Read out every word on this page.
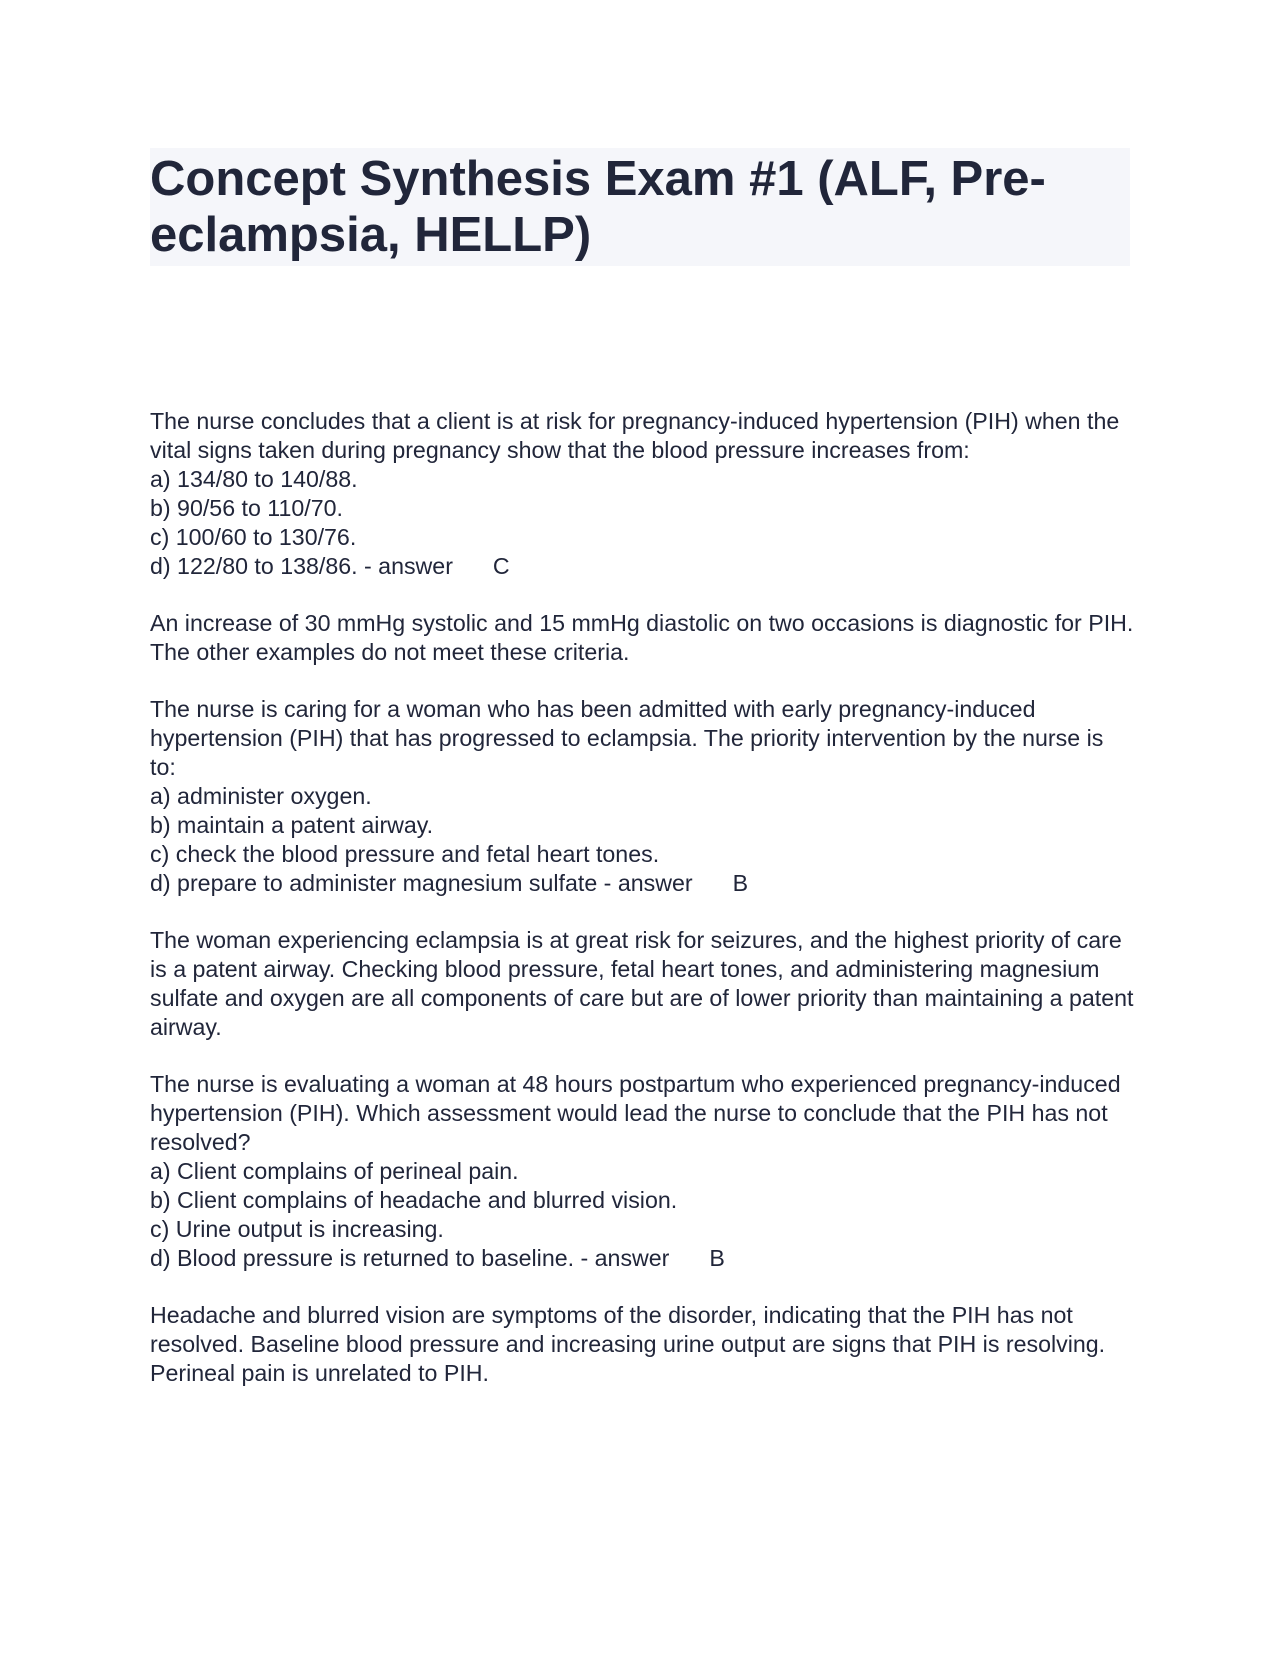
Concept Synthesis Exam #1 (ALF, Pre-eclampsia, HELLP)
The nurse concludes that a client is at risk for pregnancy-induced hypertension (PIH) when the vital signs taken during pregnancy show that the blood pressure increases from:
a) 134/80 to 140/88.
b) 90/56 to 110/70.
c) 100/60 to 130/76.
d) 122/80 to 138/86. - answer C
An increase of 30 mmHg systolic and 15 mmHg diastolic on two occasions is diagnostic for PIH. The other examples do not meet these criteria.
The nurse is caring for a woman who has been admitted with early pregnancy-induced hypertension (PIH) that has progressed to eclampsia. The priority intervention by the nurse is to:
a) administer oxygen.
b) maintain a patent airway.
c) check the blood pressure and fetal heart tones.
d) prepare to administer magnesium sulfate - answer B
The woman experiencing eclampsia is at great risk for seizures, and the highest priority of care is a patent airway. Checking blood pressure, fetal heart tones, and administering magnesium sulfate and oxygen are all components of care but are of lower priority than maintaining a patent airway.
The nurse is evaluating a woman at 48 hours postpartum who experienced pregnancy-induced hypertension (PIH). Which assessment would lead the nurse to conclude that the PIH has not resolved?
a) Client complains of perineal pain.
b) Client complains of headache and blurred vision.
c) Urine output is increasing.
d) Blood pressure is returned to baseline. - answer B
Headache and blurred vision are symptoms of the disorder, indicating that the PIH has not resolved. Baseline blood pressure and increasing urine output are signs that PIH is resolving. Perineal pain is unrelated to PIH.
